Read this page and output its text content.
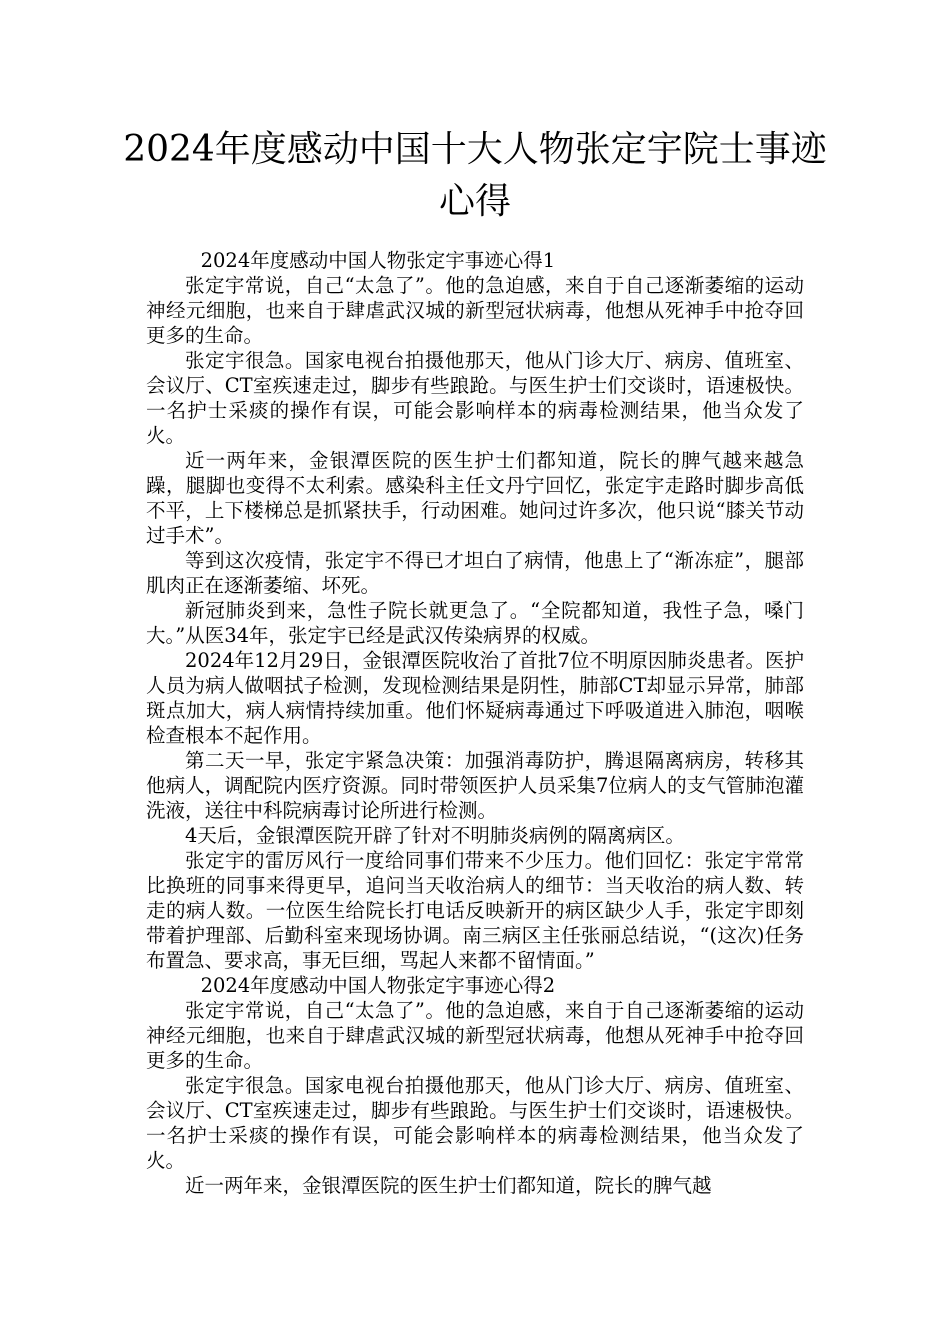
2024年度感动中国十大人物张定宇院士事迹心得

2024年度感动中国人物张定宇事迹心得1

张定宇常说，自己“太急了”。他的急迫感，来自于自己逐渐萎缩的运动神经元细胞，也来自于肆虐武汉城的新型冠状病毒，他想从死神手中抢夺回更多的生命。

张定宇很急。国家电视台拍摄他那天，他从门诊大厅、病房、值班室、会议厅、CT室疾速走过，脚步有些踉跄。与医生护士们交谈时，语速极快。一名护士采痰的操作有误，可能会影响样本的病毒检测结果，他当众发了火。

近一两年来，金银潭医院的医生护士们都知道，院长的脾气越来越急躁，腿脚也变得不太利索。感染科主任文丹宁回忆，张定宇走路时脚步高低不平，上下楼梯总是抓紧扶手，行动困难。她问过许多次，他只说“膝关节动过手术”。

等到这次疫情，张定宇不得已才坦白了病情，他患上了“渐冻症”，腿部肌肉正在逐渐萎缩、坏死。

新冠肺炎到来，急性子院长就更急了。“全院都知道，我性子急，嗓门大。”从医34年，张定宇已经是武汉传染病界的权威。

2024年12月29日，金银潭医院收治了首批7位不明原因肺炎患者。医护人员为病人做咽拭子检测，发现检测结果是阴性，肺部CT却显示异常，肺部斑点加大，病人病情持续加重。他们怀疑病毒通过下呼吸道进入肺泡，咽喉检查根本不起作用。

第二天一早，张定宇紧急决策：加强消毒防护，腾退隔离病房，转移其他病人，调配院内医疗资源。同时带领医护人员采集7位病人的支气管肺泡灌洗液，送往中科院病毒讨论所进行检测。

4天后，金银潭医院开辟了针对不明肺炎病例的隔离病区。

张定宇的雷厉风行一度给同事们带来不少压力。他们回忆：张定宇常常比换班的同事来得更早，追问当天收治病人的细节：当天收治的病人数、转走的病人数。一位医生给院长打电话反映新开的病区缺少人手，张定宇即刻带着护理部、后勤科室来现场协调。南三病区主任张丽总结说，“(这次)任务布置急、要求高，事无巨细，骂起人来都不留情面。”

2024年度感动中国人物张定宇事迹心得2

张定宇常说，自己“太急了”。他的急迫感，来自于自己逐渐萎缩的运动神经元细胞，也来自于肆虐武汉城的新型冠状病毒，他想从死神手中抢夺回更多的生命。

张定宇很急。国家电视台拍摄他那天，他从门诊大厅、病房、值班室、会议厅、CT室疾速走过，脚步有些踉跄。与医生护士们交谈时，语速极快。一名护士采痰的操作有误，可能会影响样本的病毒检测结果，他当众发了火。

近一两年来，金银潭医院的医生护士们都知道，院长的脾气越
